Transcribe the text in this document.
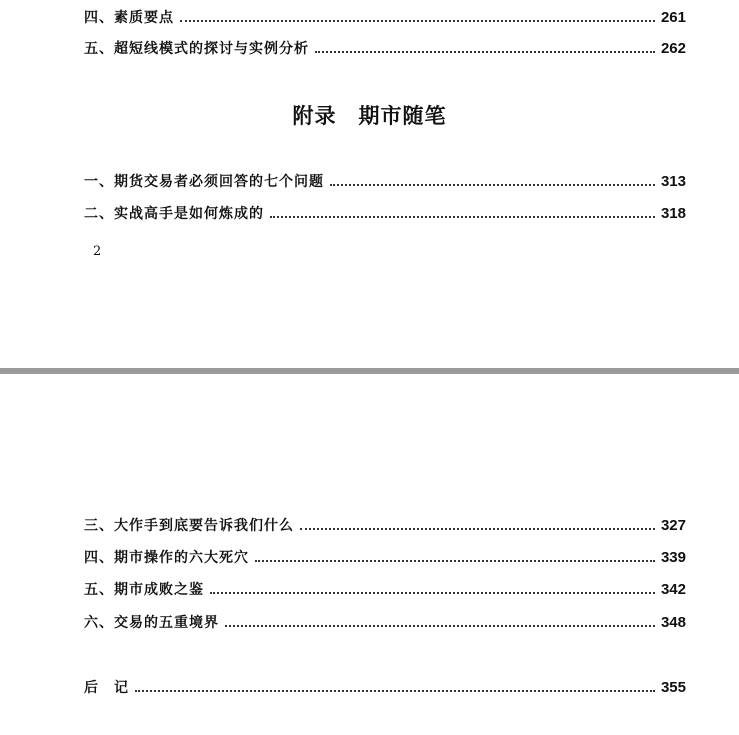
四、素质要点	261
五、超短线模式的探讨与实例分析	262
附录 期市随笔
一、期货交易者必须回答的七个问题	313
二、实战高手是如何炼成的	318
2
三、大作手到底要告诉我们什么	327
四、期市操作的六大死穴	339
五、期市成败之鉴	342
六、交易的五重境界	348
后　记	355
